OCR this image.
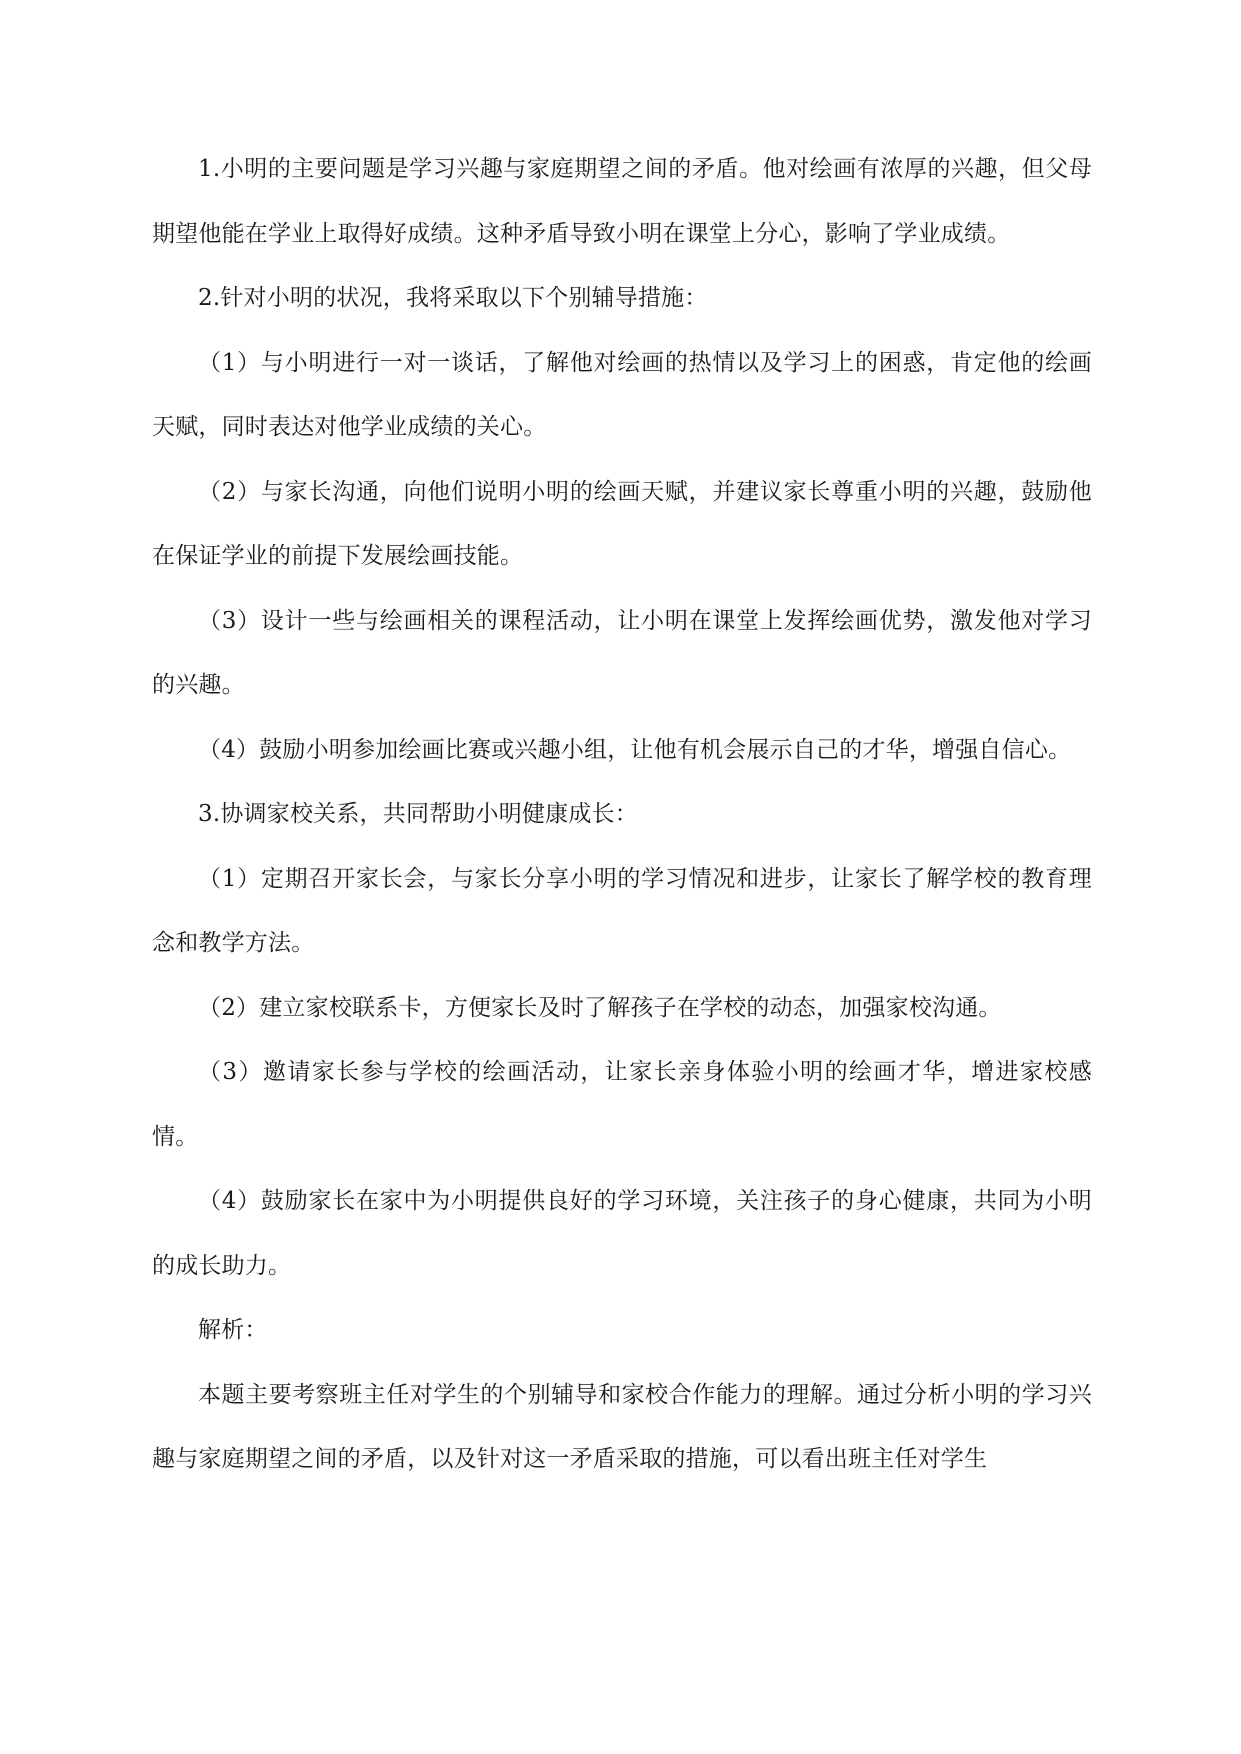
1.小明的主要问题是学习兴趣与家庭期望之间的矛盾。他对绘画有浓厚的兴趣，但父母期望他能在学业上取得好成绩。这种矛盾导致小明在课堂上分心，影响了学业成绩。

2.针对小明的状况，我将采取以下个别辅导措施：

（1）与小明进行一对一谈话，了解他对绘画的热情以及学习上的困惑，肯定他的绘画天赋，同时表达对他学业成绩的关心。

（2）与家长沟通，向他们说明小明的绘画天赋，并建议家长尊重小明的兴趣，鼓励他在保证学业的前提下发展绘画技能。

（3）设计一些与绘画相关的课程活动，让小明在课堂上发挥绘画优势，激发他对学习的兴趣。

（4）鼓励小明参加绘画比赛或兴趣小组，让他有机会展示自己的才华，增强自信心。

3.协调家校关系，共同帮助小明健康成长：

（1）定期召开家长会，与家长分享小明的学习情况和进步，让家长了解学校的教育理念和教学方法。

（2）建立家校联系卡，方便家长及时了解孩子在学校的动态，加强家校沟通。

（3）邀请家长参与学校的绘画活动，让家长亲身体验小明的绘画才华，增进家校感情。

（4）鼓励家长在家中为小明提供良好的学习环境，关注孩子的身心健康，共同为小明的成长助力。

解析：

本题主要考察班主任对学生的个别辅导和家校合作能力的理解。通过分析小明的学习兴趣与家庭期望之间的矛盾，以及针对这一矛盾采取的措施，可以看出班主任对学生
